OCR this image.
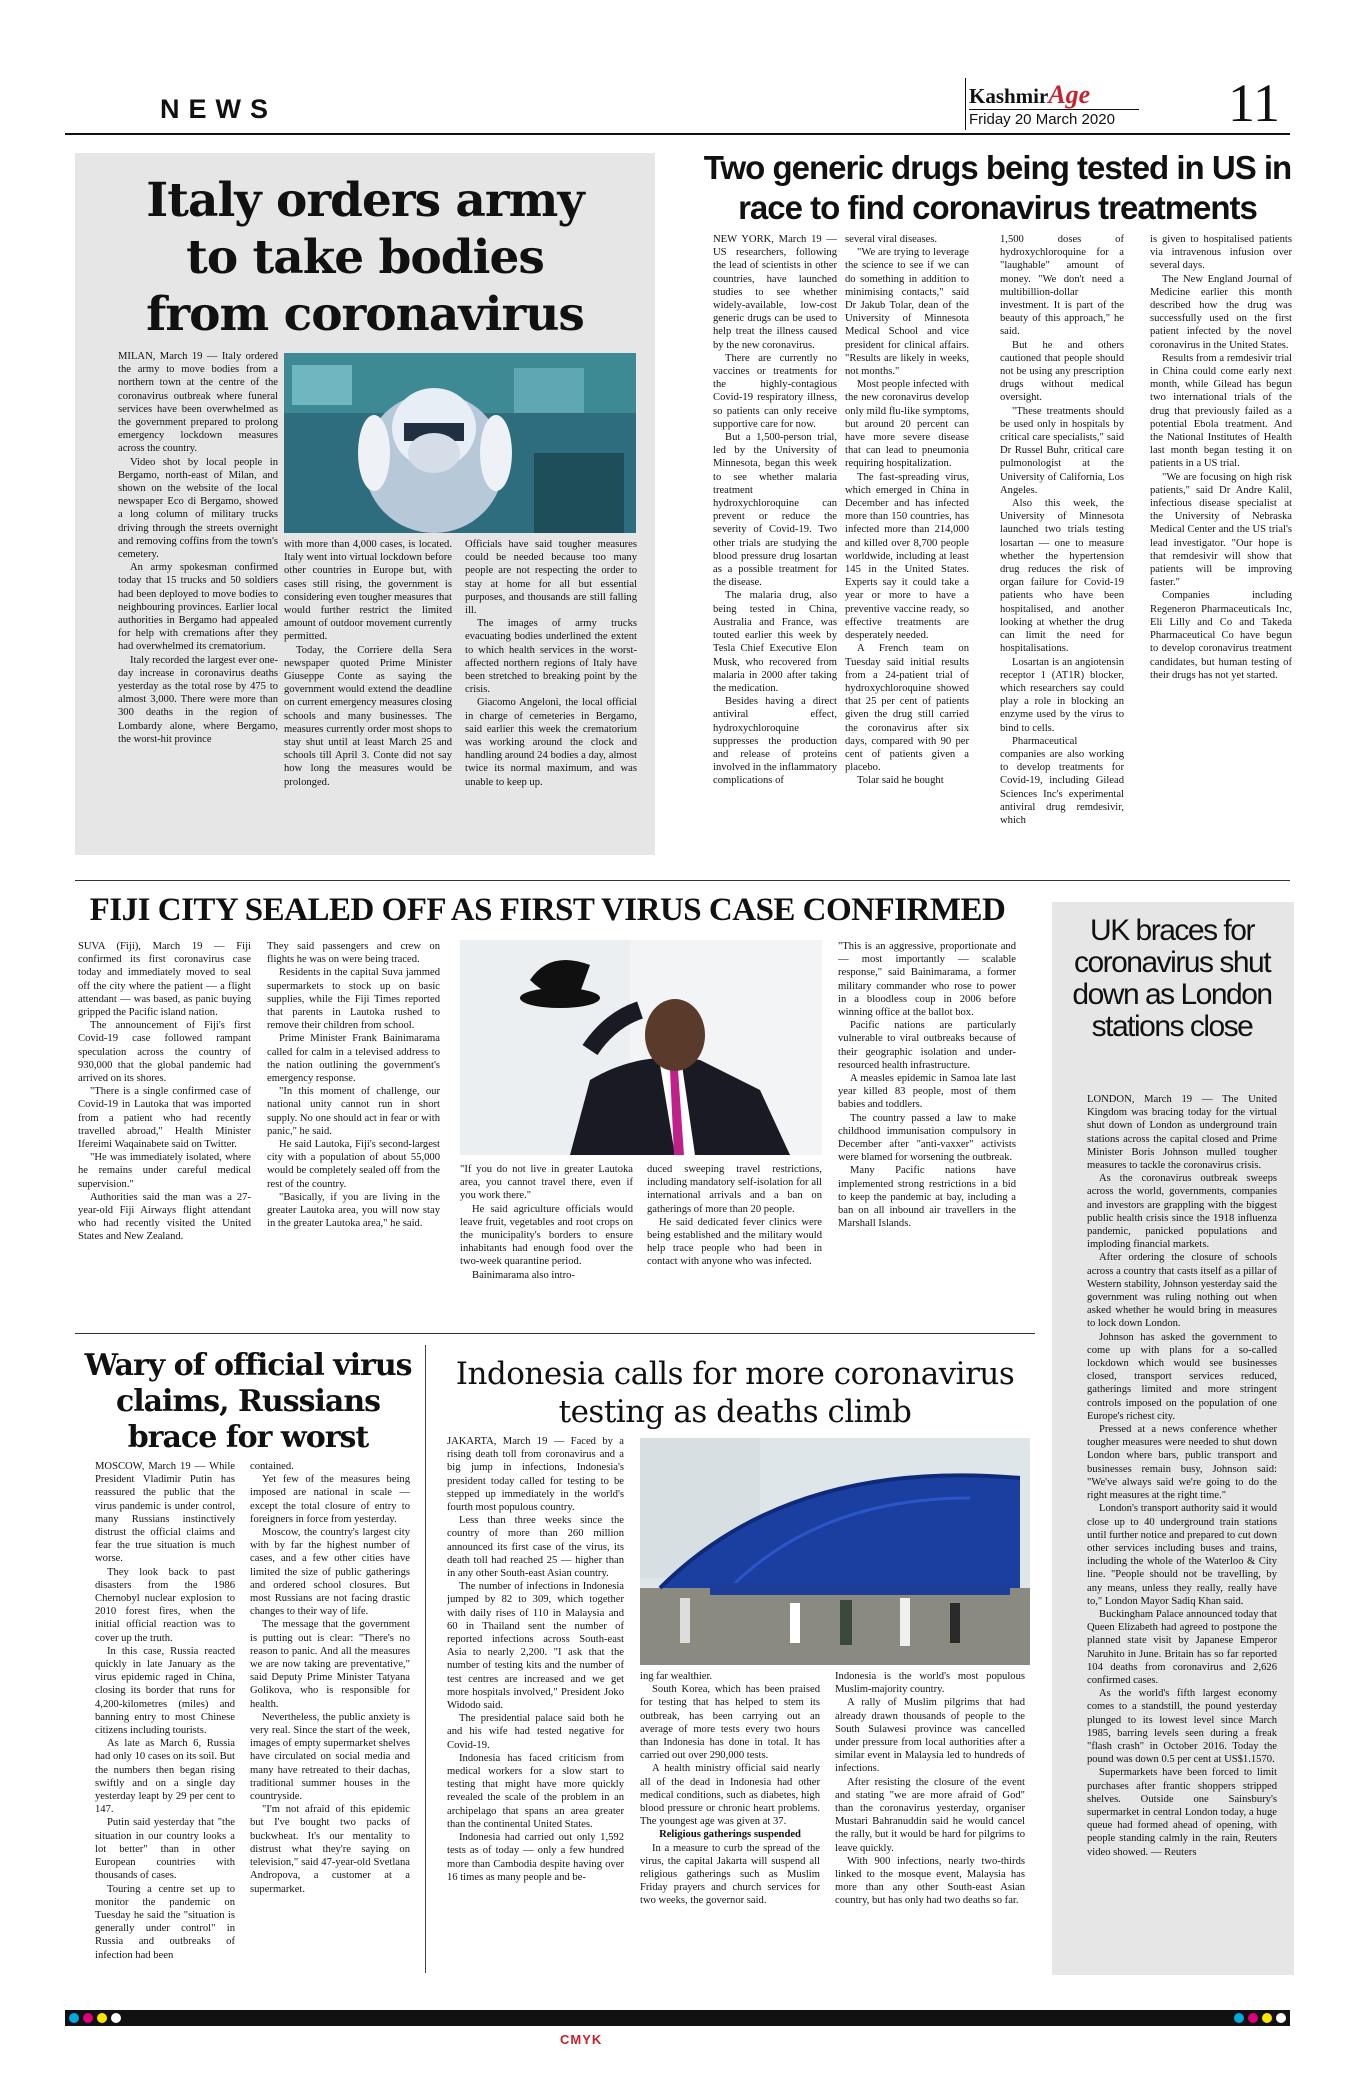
NEWS	KashmirAge
Friday 20 March 2020 11
Italy orders army to take bodies from coronavirus

MILAN, March 19 — Italy ordered the army to move bodies from a northern town at the centre of the coronavirus outbreak where funeral services have been overwhelmed as the government prepared to prolong emergency lockdown measures across the country.

Video shot by local people in Bergamo, north-east of Milan, and shown on the website of the local newspaper Eco di Bergamo, showed a long column of military trucks driving through the streets overnight and removing coffins from the town's cemetery.

An army spokesman confirmed today that 15 trucks and 50 soldiers had been deployed to move bodies to neighbouring provinces. Earlier local authorities in Bergamo had appealed for help with cremations after they had overwhelmed its crematorium.

Italy recorded the largest ever one-day increase in coronavirus deaths yesterday as the total rose by 475 to almost 3,000. There were more than 300 deaths in the region of Lombardy alone, where Bergamo, the worst-hit province

with more than 4,000 cases, is located. Italy went into virtual lockdown before other countries in Europe but, with cases still rising, the government is considering even tougher measures that would further restrict the limited amount of outdoor movement currently permitted.

Today, the Corriere della Sera newspaper quoted Prime Minister Giuseppe Conte as saying the government would extend the deadline on current emergency measures closing schools and many businesses. The measures currently order most shops to stay shut until at least March 25 and schools till April 3. Conte did not say how long the measures would be prolonged.

Officials have said tougher measures could be needed because too many people are not respecting the order to stay at home for all but essential purposes, and thousands are still falling ill.

The images of army trucks evacuating bodies underlined the extent to which health services in the worst-affected northern regions of Italy have been stretched to breaking point by the crisis.

Giacomo Angeloni, the local official in charge of cemeteries in Bergamo, said earlier this week the crematorium was working around the clock and handling around 24 bodies a day, almost twice its normal maximum, and was unable to keep up.

Two generic drugs being tested in US in race to find coronavirus treatments

NEW YORK, March 19 — US researchers, following the lead of scientists in other countries, have launched studies to see whether widely-available, low-cost generic drugs can be used to help treat the illness caused by the new coronavirus.

There are currently no vaccines or treatments for the highly-contagious Covid-19 respiratory illness, so patients can only receive supportive care for now.

But a 1,500-person trial, led by the University of Minnesota, began this week to see whether malaria treatment hydroxychloroquine can prevent or reduce the severity of Covid-19. Two other trials are studying the blood pressure drug losartan as a possible treatment for the disease.

The malaria drug, also being tested in China, Australia and France, was touted earlier this week by Tesla Chief Executive Elon Musk, who recovered from malaria in 2000 after taking the medication.

Besides having a direct antiviral effect, hydroxychloroquine suppresses the production and release of proteins involved in the inflammatory complications of

several viral diseases.

"We are trying to leverage the science to see if we can do something in addition to minimising contacts," said Dr Jakub Tolar, dean of the University of Minnesota Medical School and vice president for clinical affairs. "Results are likely in weeks, not months."

Most people infected with the new coronavirus develop only mild flu-like symptoms, but around 20 percent can have more severe disease that can lead to pneumonia requiring hospitalization.

The fast-spreading virus, which emerged in China in December and has infected more than 150 countries, has infected more than 214,000 and killed over 8,700 people worldwide, including at least 145 in the United States. Experts say it could take a year or more to have a preventive vaccine ready, so effective treatments are desperately needed.

A French team on Tuesday said initial results from a 24-patient trial of hydroxychloroquine showed that 25 per cent of patients given the drug still carried the coronavirus after six days, compared with 90 per cent of patients given a placebo.

Tolar said he bought

1,500 doses of hydroxychloroquine for a "laughable" amount of money. "We don't need a multibillion-dollar investment. It is part of the beauty of this approach," he said.

But he and others cautioned that people should not be using any prescription drugs without medical oversight.

"These treatments should be used only in hospitals by critical care specialists," said Dr Russel Buhr, critical care pulmonologist at the University of California, Los Angeles.

Also this week, the University of Minnesota launched two trials testing losartan — one to measure whether the hypertension drug reduces the risk of organ failure for Covid-19 patients who have been hospitalised, and another looking at whether the drug can limit the need for hospitalisations.

Losartan is an angiotensin receptor 1 (AT1R) blocker, which researchers say could play a role in blocking an enzyme used by the virus to bind to cells.

Pharmaceutical companies are also working to develop treatments for Covid-19, including Gilead Sciences Inc's experimental antiviral drug remdesivir, which

is given to hospitalised patients via intravenous infusion over several days.

The New England Journal of Medicine earlier this month described how the drug was successfully used on the first patient infected by the novel coronavirus in the United States.

Results from a remdesivir trial in China could come early next month, while Gilead has begun two international trials of the drug that previously failed as a potential Ebola treatment. And the National Institutes of Health last month began testing it on patients in a US trial.

"We are focusing on high risk patients," said Dr Andre Kalil, infectious disease specialist at the University of Nebraska Medical Center and the US trial's lead investigator. "Our hope is that remdesivir will show that patients will be improving faster."

Companies including Regeneron Pharmaceuticals Inc, Eli Lilly and Co and Takeda Pharmaceutical Co have begun to develop coronavirus treatment candidates, but human testing of their drugs has not yet started.

FIJI CITY SEALED OFF AS FIRST VIRUS CASE CONFIRMED

SUVA (Fiji), March 19 — Fiji confirmed its first coronavirus case today and immediately moved to seal off the city where the patient — a flight attendant — was based, as panic buying gripped the Pacific island nation.

The announcement of Fiji's first Covid-19 case followed rampant speculation across the country of 930,000 that the global pandemic had arrived on its shores.

"There is a single confirmed case of Covid-19 in Lautoka that was imported from a patient who had recently travelled abroad," Health Minister Ifereimi Waqainabete said on Twitter.

"He was immediately isolated, where he remains under careful medical supervision."

Authorities said the man was a 27-year-old Fiji Airways flight attendant who had recently visited the United States and New Zealand.

They said passengers and crew on flights he was on were being traced.

Residents in the capital Suva jammed supermarkets to stock up on basic supplies, while the Fiji Times reported that parents in Lautoka rushed to remove their children from school.

Prime Minister Frank Bainimarama called for calm in a televised address to the nation outlining the government's emergency response.

"In this moment of challenge, our national unity cannot run in short supply. No one should act in fear or with panic," he said.

He said Lautoka, Fiji's second-largest city with a population of about 55,000 would be completely sealed off from the rest of the country.

"Basically, if you are living in the greater Lautoka area, you will now stay in the greater Lautoka area," he said.

"If you do not live in greater Lautoka area, you cannot travel there, even if you work there."

He said agriculture officials would leave fruit, vegetables and root crops on the municipality's borders to ensure inhabitants had enough food over the two-week quarantine period.

Bainimarama also intro-

duced sweeping travel restrictions, including mandatory self-isolation for all international arrivals and a ban on gatherings of more than 20 people.

He said dedicated fever clinics were being established and the military would help trace people who had been in contact with anyone who was infected.

"This is an aggressive, proportionate and — most importantly — scalable response," said Bainimarama, a former military commander who rose to power in a bloodless coup in 2006 before winning office at the ballot box.

Pacific nations are particularly vulnerable to viral outbreaks because of their geographic isolation and under-resourced health infrastructure.

A measles epidemic in Samoa late last year killed 83 people, most of them babies and toddlers.

The country passed a law to make childhood immunisation compulsory in December after "anti-vaxxer" activists were blamed for worsening the outbreak.

Many Pacific nations have implemented strong restrictions in a bid to keep the pandemic at bay, including a ban on all inbound air travellers in the Marshall Islands.

UK braces for coronavirus shut down as London stations close

LONDON, March 19 — The United Kingdom was bracing today for the virtual shut down of London as underground train stations across the capital closed and Prime Minister Boris Johnson mulled tougher measures to tackle the coronavirus crisis.

As the coronavirus outbreak sweeps across the world, governments, companies and investors are grappling with the biggest public health crisis since the 1918 influenza pandemic, panicked populations and imploding financial markets.

After ordering the closure of schools across a country that casts itself as a pillar of Western stability, Johnson yesterday said the government was ruling nothing out when asked whether he would bring in measures to lock down London.

Johnson has asked the government to come up with plans for a so-called lockdown which would see businesses closed, transport services reduced, gatherings limited and more stringent controls imposed on the population of one Europe's richest city.

Pressed at a news conference whether tougher measures were needed to shut down London where bars, public transport and businesses remain busy, Johnson said: "We've always said we're going to do the right measures at the right time."

London's transport authority said it would close up to 40 underground train stations until further notice and prepared to cut down other services including buses and trains, including the whole of the Waterloo & City line. "People should not be travelling, by any means, unless they really, really have to," London Mayor Sadiq Khan said.

Buckingham Palace announced today that Queen Elizabeth had agreed to postpone the planned state visit by Japanese Emperor Naruhito in June. Britain has so far reported 104 deaths from coronavirus and 2,626 confirmed cases.

As the world's fifth largest economy comes to a standstill, the pound yesterday plunged to its lowest level since March 1985, barring levels seen during a freak "flash crash" in October 2016. Today the pound was down 0.5 per cent at US$1.1570.

Supermarkets have been forced to limit purchases after frantic shoppers stripped shelves. Outside one Sainsbury's supermarket in central London today, a huge queue had formed ahead of opening, with people standing calmly in the rain, Reuters video showed. — Reuters

Wary of official virus claims, Russians brace for worst

MOSCOW, March 19 — While President Vladimir Putin has reassured the public that the virus pandemic is under control, many Russians instinctively distrust the official claims and fear the true situation is much worse.

They look back to past disasters from the 1986 Chernobyl nuclear explosion to 2010 forest fires, when the initial official reaction was to cover up the truth.

In this case, Russia reacted quickly in late January as the virus epidemic raged in China, closing its border that runs for 4,200-kilometres (miles) and banning entry to most Chinese citizens including tourists.

As late as March 6, Russia had only 10 cases on its soil. But the numbers then began rising swiftly and on a single day yesterday leapt by 29 per cent to 147.

Putin said yesterday that "the situation in our country looks a lot better" than in other European countries with thousands of cases.

Touring a centre set up to monitor the pandemic on Tuesday he said the "situation is generally under control" in Russia and outbreaks of infection had been

contained.

Yet few of the measures being imposed are national in scale — except the total closure of entry to foreigners in force from yesterday.

Moscow, the country's largest city with by far the highest number of cases, and a few other cities have limited the size of public gatherings and ordered school closures. But most Russians are not facing drastic changes to their way of life.

The message that the government is putting out is clear: "There's no reason to panic. And all the measures we are now taking are preventative," said Deputy Prime Minister Tatyana Golikova, who is responsible for health.

Nevertheless, the public anxiety is very real. Since the start of the week, images of empty supermarket shelves have circulated on social media and many have retreated to their dachas, traditional summer houses in the countryside.

"I'm not afraid of this epidemic but I've bought two packs of buckwheat. It's our mentality to distrust what they're saying on television," said 47-year-old Svetlana Andropova, a customer at a supermarket.

Indonesia calls for more coronavirus testing as deaths climb

JAKARTA, March 19 — Faced by a rising death toll from coronavirus and a big jump in infections, Indonesia's president today called for testing to be stepped up immediately in the world's fourth most populous country.

Less than three weeks since the country of more than 260 million announced its first case of the virus, its death toll had reached 25 — higher than in any other South-east Asian country.

The number of infections in Indonesia jumped by 82 to 309, which together with daily rises of 110 in Malaysia and 60 in Thailand sent the number of reported infections across South-east Asia to nearly 2,200. "I ask that the number of testing kits and the number of test centres are increased and we get more hospitals involved," President Joko Widodo said.

The presidential palace said both he and his wife had tested negative for Covid-19.

Indonesia has faced criticism from medical workers for a slow start to testing that might have more quickly revealed the scale of the problem in an archipelago that spans an area greater than the continental United States.

Indonesia had carried out only 1,592 tests as of today — only a few hundred more than Cambodia despite having over 16 times as many people and be-

ing far wealthier.

South Korea, which has been praised for testing that has helped to stem its outbreak, has been carrying out an average of more tests every two hours than Indonesia has done in total. It has carried out over 290,000 tests.

A health ministry official said nearly all of the dead in Indonesia had other medical conditions, such as diabetes, high blood pressure or chronic heart problems. The youngest age was given at 37.

Religious gatherings suspended

In a measure to curb the spread of the virus, the capital Jakarta will suspend all religious gatherings such as Muslim Friday prayers and church services for two weeks, the governor said.

Indonesia is the world's most populous Muslim-majority country.

A rally of Muslim pilgrims that had already drawn thousands of people to the South Sulawesi province was cancelled under pressure from local authorities after a similar event in Malaysia led to hundreds of infections.

After resisting the closure of the event and stating "we are more afraid of God" than the coronavirus yesterday, organiser Mustari Bahranuddin said he would cancel the rally, but it would be hard for pilgrims to leave quickly.

With 900 infections, nearly two-thirds linked to the mosque event, Malaysia has more than any other South-east Asian country, but has only had two deaths so far.

CMYK
